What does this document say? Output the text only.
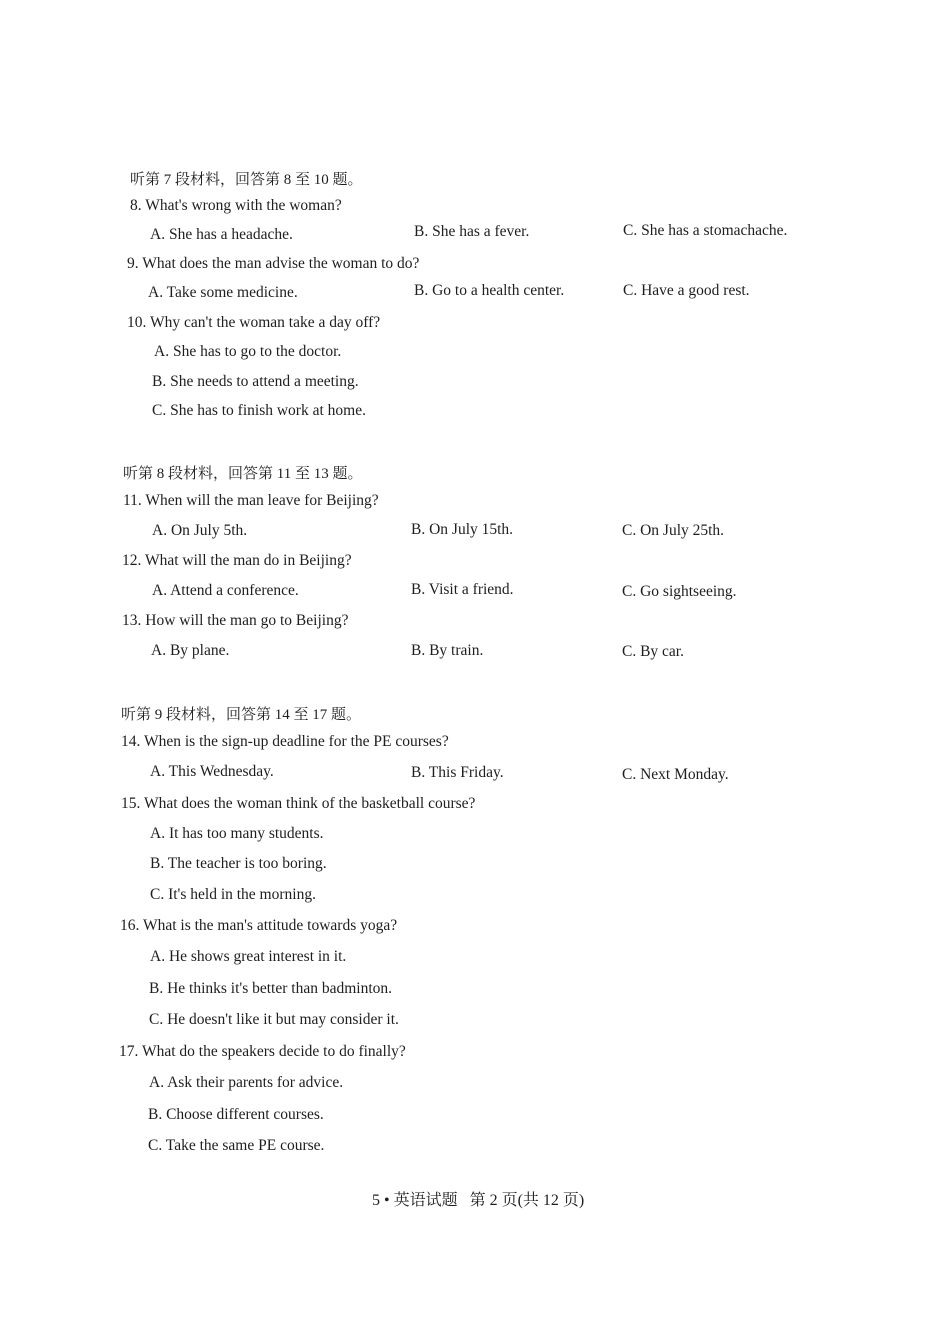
听第 7 段材料，回答第 8 至 10 题。
8. What's wrong with the woman?
A. She has a headache.	B. She has a fever.	C. She has a stomachache.
9. What does the man advise the woman to do?
A. Take some medicine.	B. Go to a health center.	C. Have a good rest.
10. Why can't the woman take a day off?
A. She has to go to the doctor.
B. She needs to attend a meeting.
C. She has to finish work at home.
听第 8 段材料，回答第 11 至 13 题。
11. When will the man leave for Beijing?
A. On July 5th.	B. On July 15th.	C. On July 25th.
12. What will the man do in Beijing?
A. Attend a conference.	B. Visit a friend.	C. Go sightseeing.
13. How will the man go to Beijing?
A. By plane.	B. By train.	C. By car.
听第 9 段材料，回答第 14 至 17 题。
14. When is the sign-up deadline for the PE courses?
A. This Wednesday.	B. This Friday.	C. Next Monday.
15. What does the woman think of the basketball course?
A. It has too many students.
B. The teacher is too boring.
C. It's held in the morning.
16. What is the man's attitude towards yoga?
A. He shows great interest in it.
B. He thinks it's better than badminton.
C. He doesn't like it but may consider it.
17. What do the speakers decide to do finally?
A. Ask their parents for advice.
B. Choose different courses.
C. Take the same PE course.
5 • 英语试题   第 2 页(共 12 页)
